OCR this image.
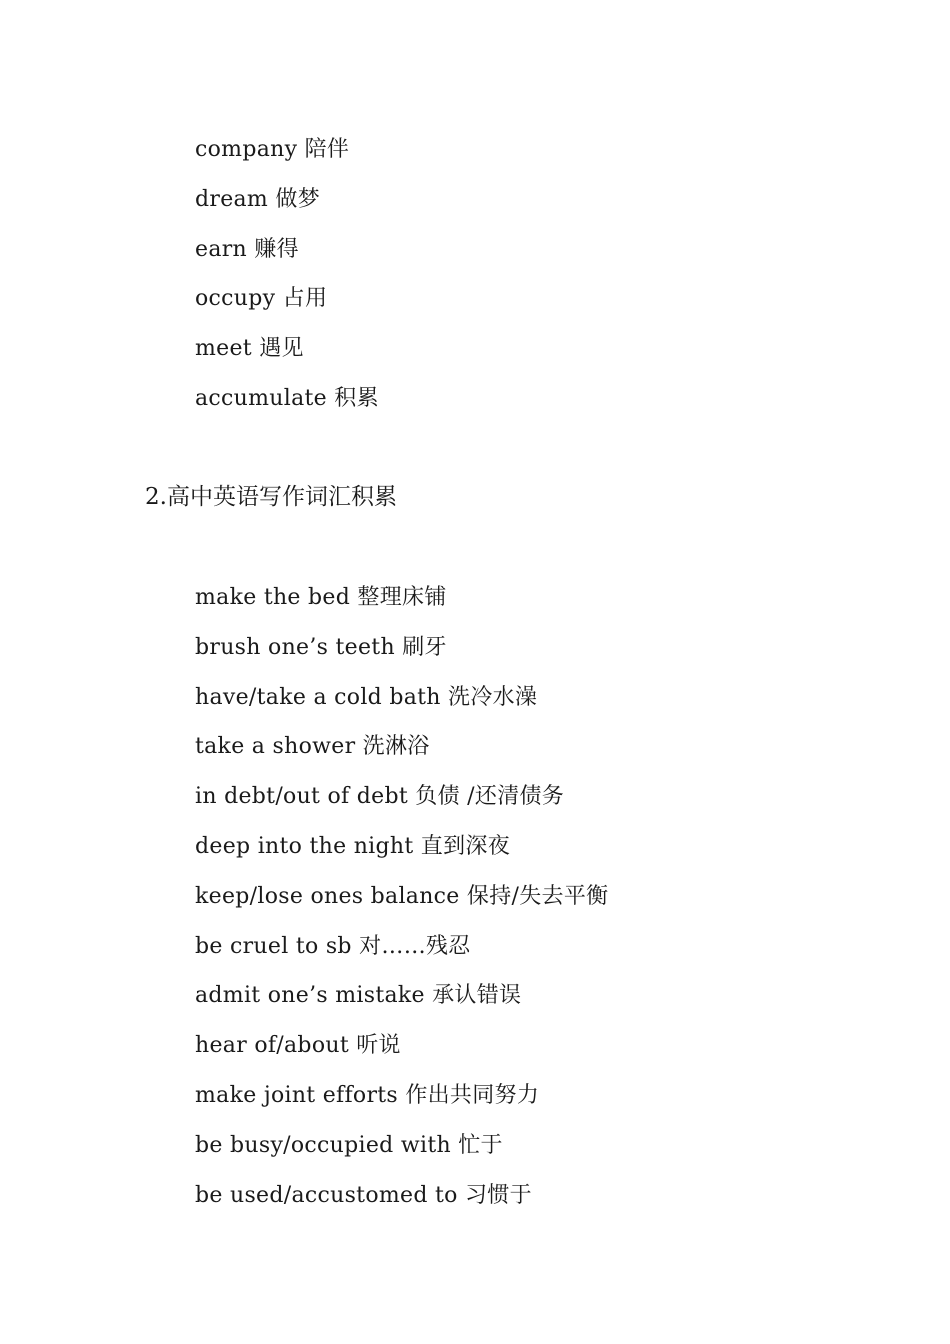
company 陪伴
dream 做梦
earn 赚得
occupy 占用
meet 遇见
accumulate 积累
2.高中英语写作词汇积累
make the bed 整理床铺
brush one’s teeth 刷牙
have/take a cold bath 洗冷水澡
take a shower 洗淋浴
in debt/out of debt 负债 /还清债务
deep into the night 直到深夜
keep/lose ones balance 保持/失去平衡
be cruel to sb 对……残忍
admit one’s mistake 承认错误
hear of/about 听说
make joint efforts 作出共同努力
be busy/occupied with 忙于
be used/accustomed to 习惯于
